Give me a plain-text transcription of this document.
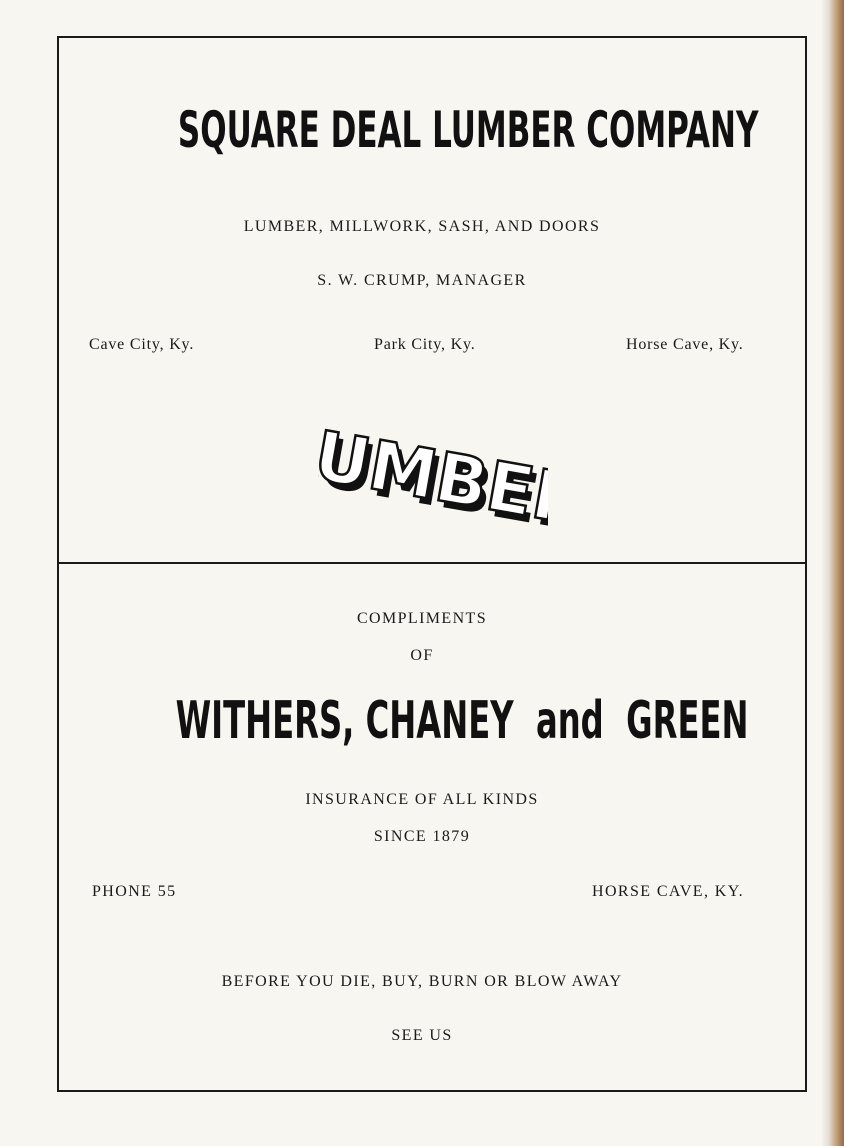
SQUARE DEAL LUMBER COMPANY
LUMBER, MILLWORK, SASH, AND DOORS
S. W. CRUMP, MANAGER
Cave City, Ky.	Park City, Ky.	Horse Cave, Ky.
LUMBER
LUMBER
COMPLIMENTS
OF
WITHERS, CHANEY and GREEN
INSURANCE OF ALL KINDS
SINCE 1879
PHONE 55	HORSE CAVE, KY.
BEFORE YOU DIE, BUY, BURN OR BLOW AWAY
SEE US
